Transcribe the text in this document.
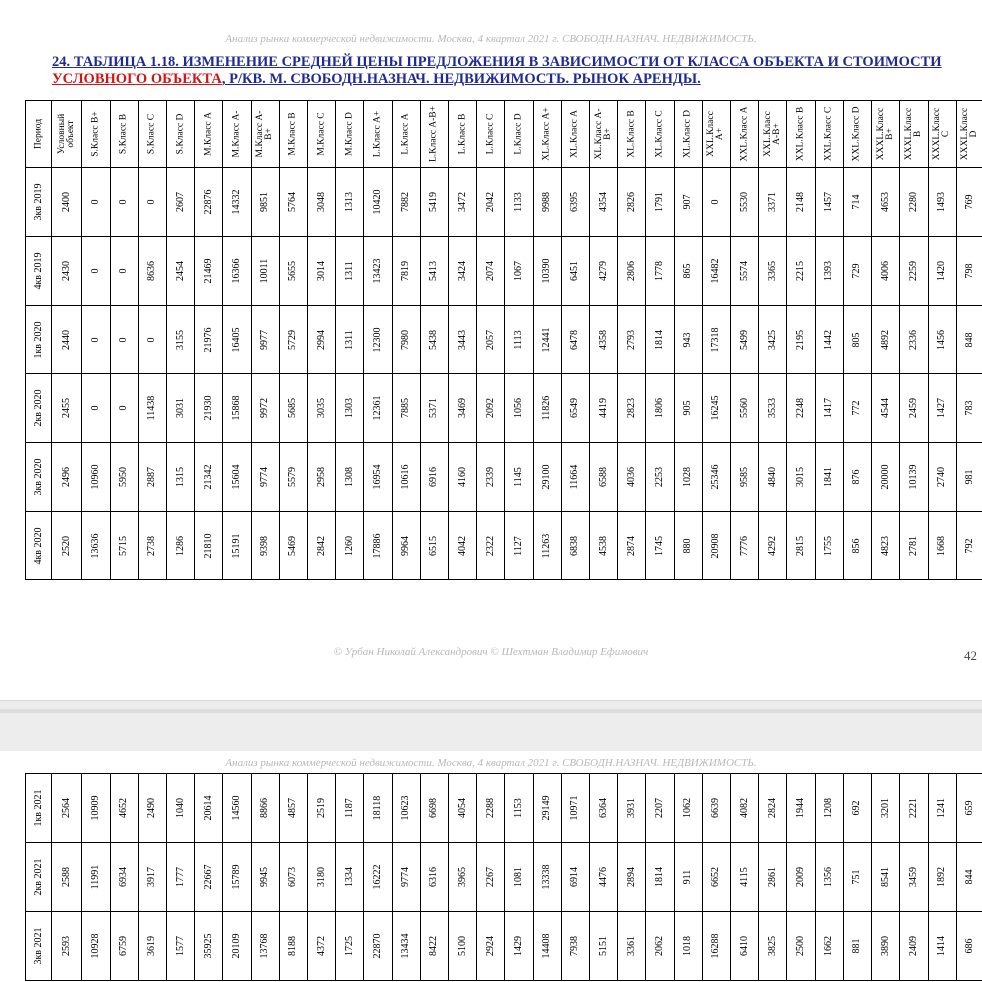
Анализ рынка коммерческой недвижимости. Москва, 4 квартал 2021 г. СВОБОДН.НАЗНАЧ. НЕДВИЖИМОСТЬ.
24. ТАБЛИЦА 1.18. ИЗМЕНЕНИЕ СРЕДНЕЙ ЦЕНЫ ПРЕДЛОЖЕНИЯ В ЗАВИСИМОСТИ ОТ КЛАССА ОБЪЕКТА И СТОИМОСТИ УСЛОВНОГО ОБЪЕКТА, Р/КВ. М. СВОБОДН.НАЗНАЧ. НЕДВИЖИМОСТЬ. РЫНОК АРЕНДЫ.
Период	Условный объект	S.Класс B+	S.Класс B	S.Класс C	S.Класс D	M.Класс A	M.Класс A-	M.Класс A-B+	M.Класс B	M.Класс C	M.Класс D	L.Класс A+	L.Класс A	L.Класс A-B+	L.Класс B	L.Класс C	L.Класс D	XL.Класс A+	XL.Класс A	XL.Класс A-B+	XL.Класс B	XL.Класс C	XL.Класс D	XXL.Класс A+	XXL.Класс A	XXL.Класс A-B+	XXL.Класс B	XXL.Класс C	XXL.Класс D	XXXL.Класс B+	XXXL.Класс B	XXXL.Класс C	XXXL.Класс D

3кв 2019	2400	0	0	0	2607	22876	14332	9851	5764	3048	1313	10420	7882	5419	3472	2042	1133	9988	6395	4354	2826	1791	907	0	5530	3371	2148	1457	714	4653	2280	1493	769

4кв 2019	2430	0	0	8636	2454	21469	16366	10011	5655	3014	1311	13423	7819	5413	3424	2074	1067	10390	6451	4279	2806	1778	865	16482	5574	3365	2215	1393	729	4006	2259	1420	798

1кв 2020	2440	0	0	0	3155	21976	16405	9977	5729	2994	1311	12300	7980	5438	3443	2057	1113	12441	6478	4358	2793	1814	943	17318	5499	3425	2195	1442	805	4892	2336	1456	848

2кв 2020	2455	0	0	11438	3031	21930	15868	9972	5685	3035	1303	12361	7885	5371	3469	2092	1056	11826	6549	4419	2823	1806	905	16245	5560	3533	2248	1417	772	4544	2459	1427	783

3кв 2020	2496	10960	5950	2887	1315	21342	15604	9774	5579	2958	1308	16954	10616	6916	4160	2339	1145	29100	11664	6588	4036	2253	1028	25346	9585	4840	3015	1841	876	20000	10139	2740	981

4кв 2020	2520	13636	5715	2738	1286	21810	15191	9398	5469	2842	1260	17886	9964	6515	4042	2322	1127	11263	6838	4538	2874	1745	880	20908	7776	4292	2815	1755	856	4823	2781	1668	792
© Урбан Николай Александрович © Шехтман Владимир Ефимович	42
Анализ рынка коммерческой недвижимости. Москва, 4 квартал 2021 г. СВОБОДН.НАЗНАЧ. НЕДВИЖИМОСТЬ.
1кв 2021	2564	10909	4652	2490	1040	20614	14560	8866	4857	2519	1187	18118	10623	6698	4054	2288	1153	29149	10971	6364	3931	2207	1062	6639	4082	2824	1944	1208	692	3201	2221	1241	659

2кв 2021	2588	11991	6934	3917	1777	22667	15789	9945	6073	3180	1334	16222	9774	6316	3965	2267	1081	13338	6914	4476	2894	1814	911	6652	4115	2861	2009	1356	751	8541	3459	1892	844

3кв 2021	2593	10928	6759	3619	1577	35925	20109	13768	8188	4372	1725	22870	13434	8422	5100	2924	1429	14408	7938	5151	3361	2062	1018	16288	6410	3825	2500	1662	881	3890	2409	1414	686
